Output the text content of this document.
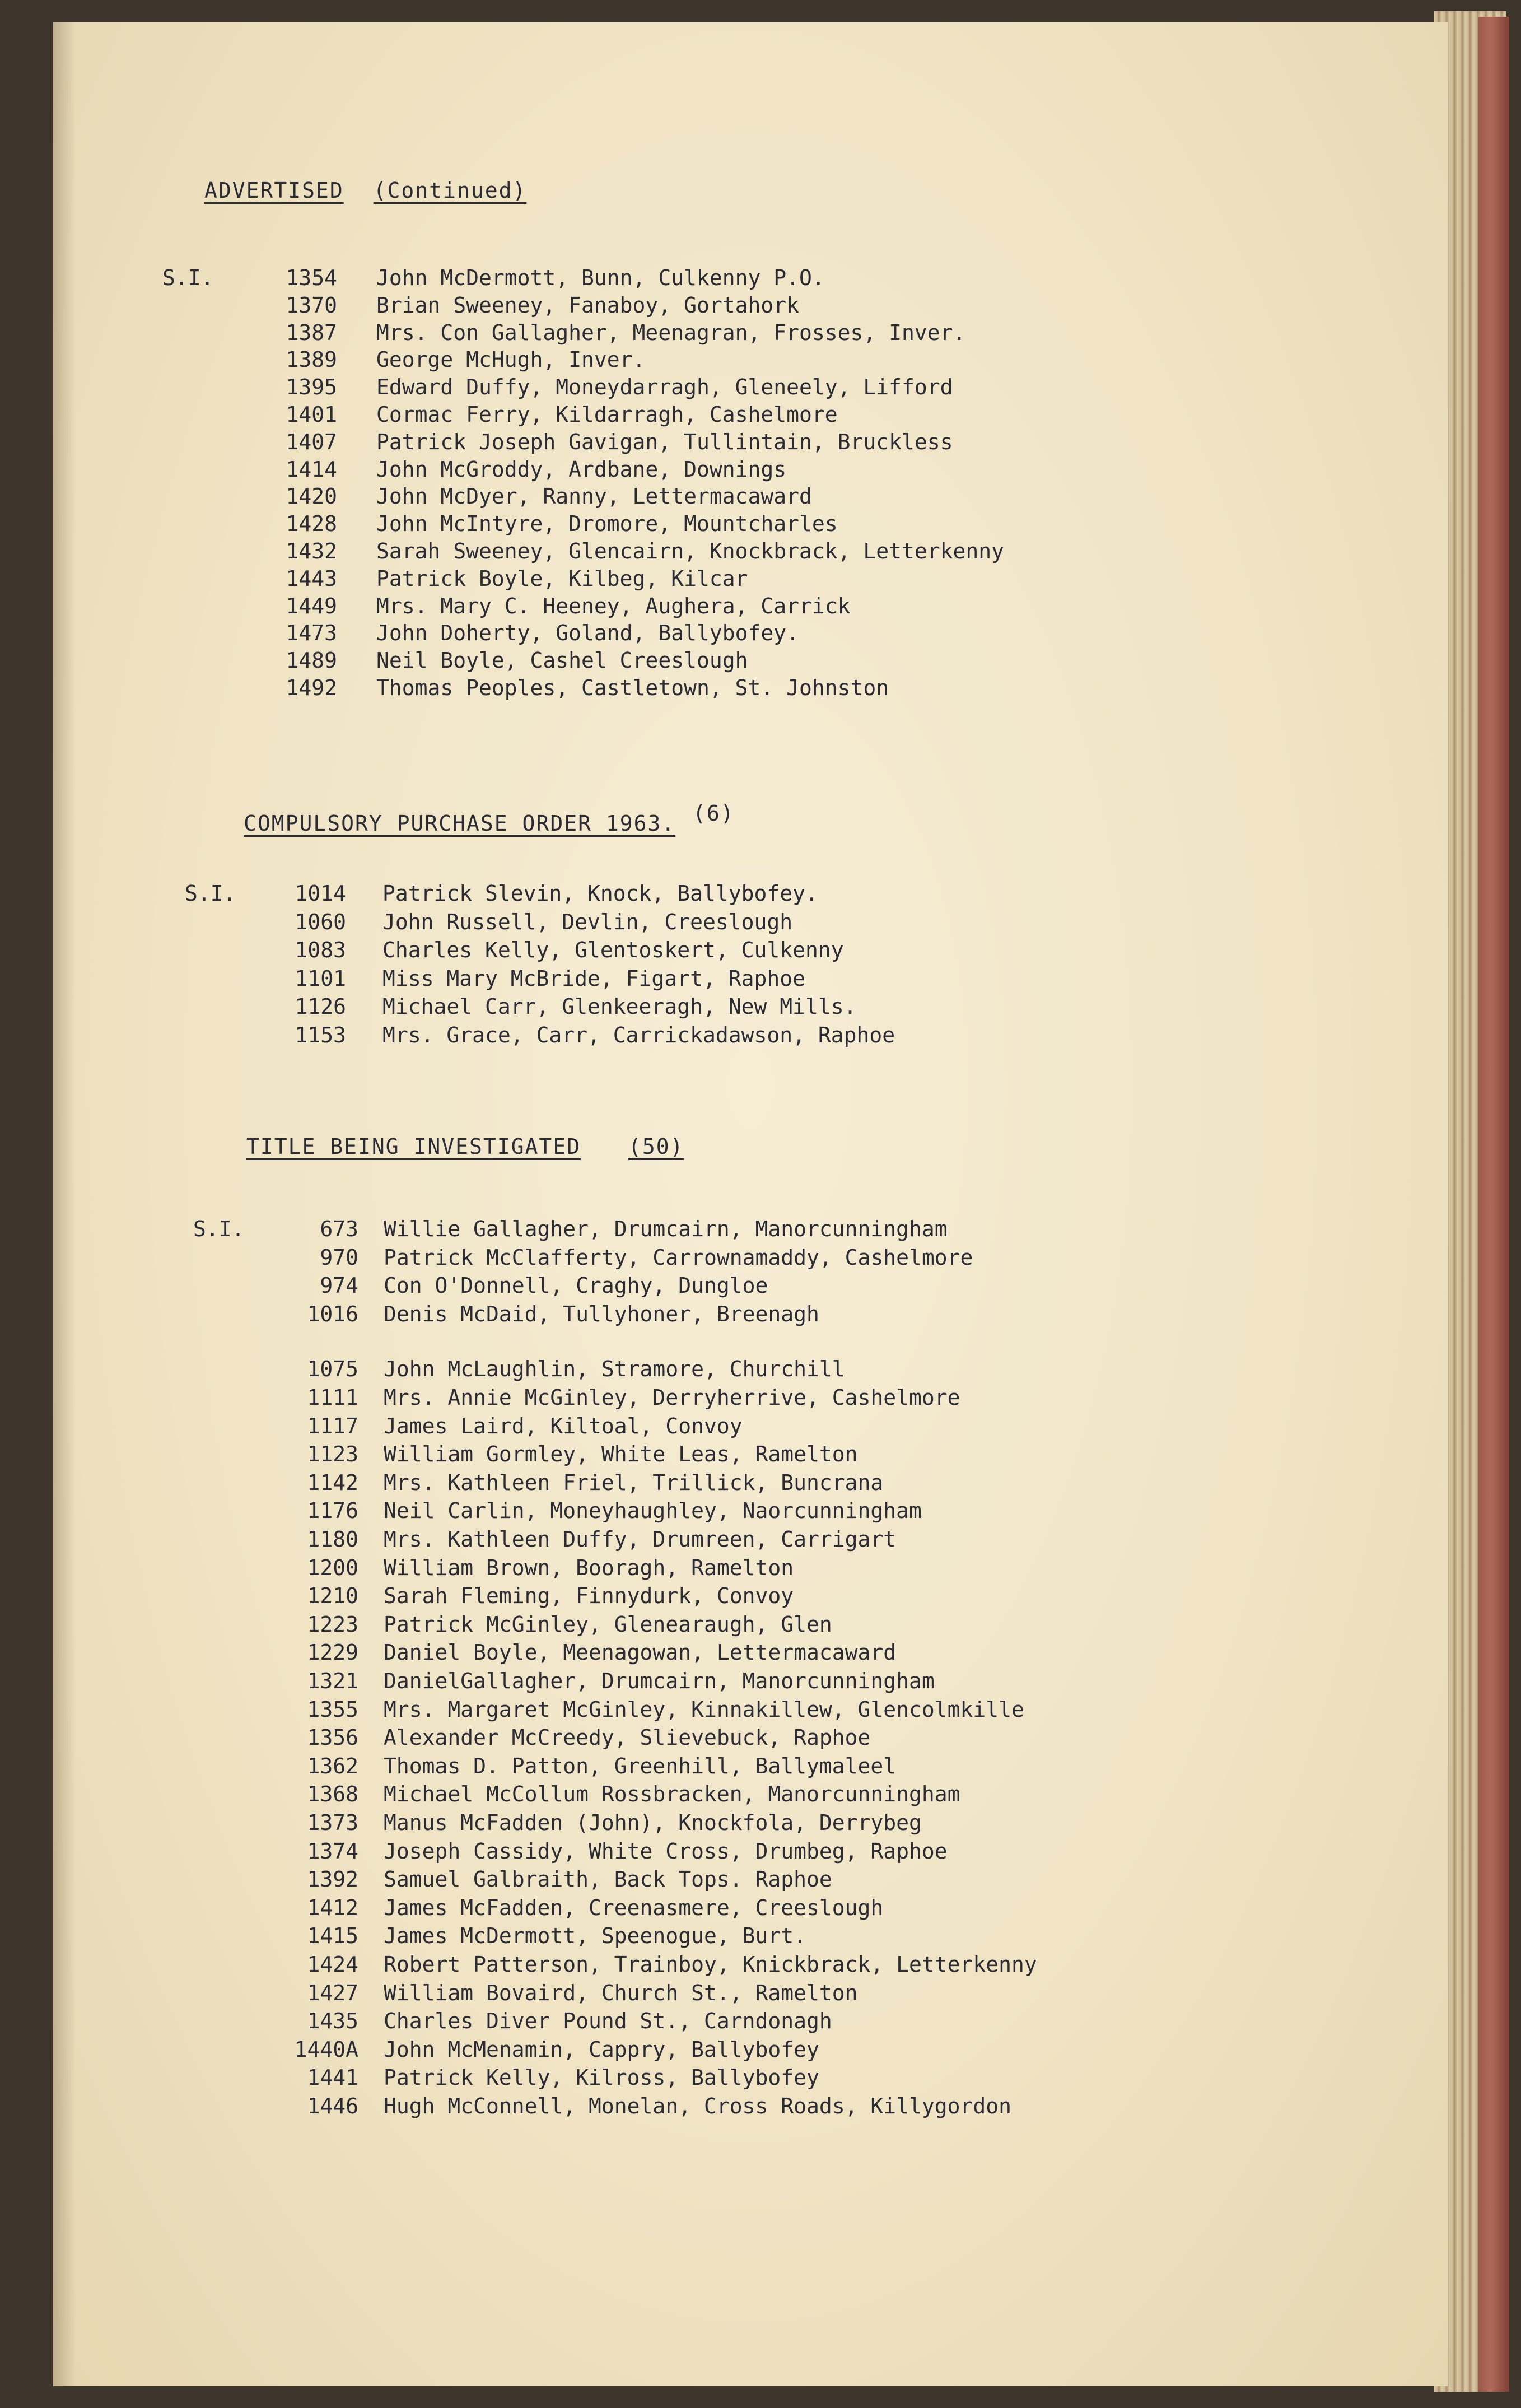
ADVERTISED (Continued)
S.I.	1354 John McDermott, Bunn, Culkenny P.O.
1370 Brian Sweeney, Fanaboy, Gortahork
1387 Mrs. Con Gallagher, Meenagran, Frosses, Inver.
1389 George McHugh, Inver.
1395 Edward Duffy, Moneydarragh, Gleneely, Lifford
1401 Cormac Ferry, Kildarragh, Cashelmore
1407 Patrick Joseph Gavigan, Tullintain, Bruckless
1414 John McGroddy, Ardbane, Downings
1420 John McDyer, Ranny, Lettermacaward
1428 John McIntyre, Dromore, Mountcharles
1432 Sarah Sweeney, Glencairn, Knockbrack, Letterkenny
1443 Patrick Boyle, Kilbeg, Kilcar
1449 Mrs. Mary C. Heeney, Aughera, Carrick
1473 John Doherty, Goland, Ballybofey.
1489 Neil Boyle, Cashel Creeslough
1492 Thomas Peoples, Castletown, St. Johnston
COMPULSORY PURCHASE ORDER 1963. (6)
S.I.	1014 Patrick Slevin, Knock, Ballybofey.
1060 John Russell, Devlin, Creeslough
1083 Charles Kelly, Glentoskert, Culkenny
1101 Miss Mary McBride, Figart, Raphoe
1126 Michael Carr, Glenkeeragh, New Mills.
1153 Mrs. Grace, Carr, Carrickadawson, Raphoe
TITLE BEING INVESTIGATED (50)
S.I.	673 Willie Gallagher, Drumcairn, Manorcunningham
970 Patrick McClafferty, Carrownamaddy, Cashelmore
974 Con O'Donnell, Craghy, Dungloe
1016 Denis McDaid, Tullyhoner, Breenagh
1075 John McLaughlin, Stramore, Churchill
1111 Mrs. Annie McGinley, Derryherrive, Cashelmore
1117 James Laird, Kiltoal, Convoy
1123 William Gormley, White Leas, Ramelton
1142 Mrs. Kathleen Friel, Trillick, Buncrana
1176 Neil Carlin, Moneyhaughley, Naorcunningham
1180 Mrs. Kathleen Duffy, Drumreen, Carrigart
1200 William Brown, Booragh, Ramelton
1210 Sarah Fleming, Finnydurk, Convoy
1223 Patrick McGinley, Glenearaugh, Glen
1229 Daniel Boyle, Meenagowan, Lettermacaward
1321 DanielGallagher, Drumcairn, Manorcunningham
1355 Mrs. Margaret McGinley, Kinnakillew, Glencolmkille
1356 Alexander McCreedy, Slievebuck, Raphoe
1362 Thomas D. Patton, Greenhill, Ballymaleel
1368 Michael McCollum Rossbracken, Manorcunningham
1373 Manus McFadden (John), Knockfola, Derrybeg
1374 Joseph Cassidy, White Cross, Drumbeg, Raphoe
1392 Samuel Galbraith, Back Tops. Raphoe
1412 James McFadden, Creenasmere, Creeslough
1415 James McDermott, Speenogue, Burt.
1424 Robert Patterson, Trainboy, Knickbrack, Letterkenny
1427 William Bovaird, Church St., Ramelton
1435 Charles Diver Pound St., Carndonagh
1440A John McMenamin, Cappry, Ballybofey
1441 Patrick Kelly, Kilross, Ballybofey
1446 Hugh McConnell, Monelan, Cross Roads, Killygordon
